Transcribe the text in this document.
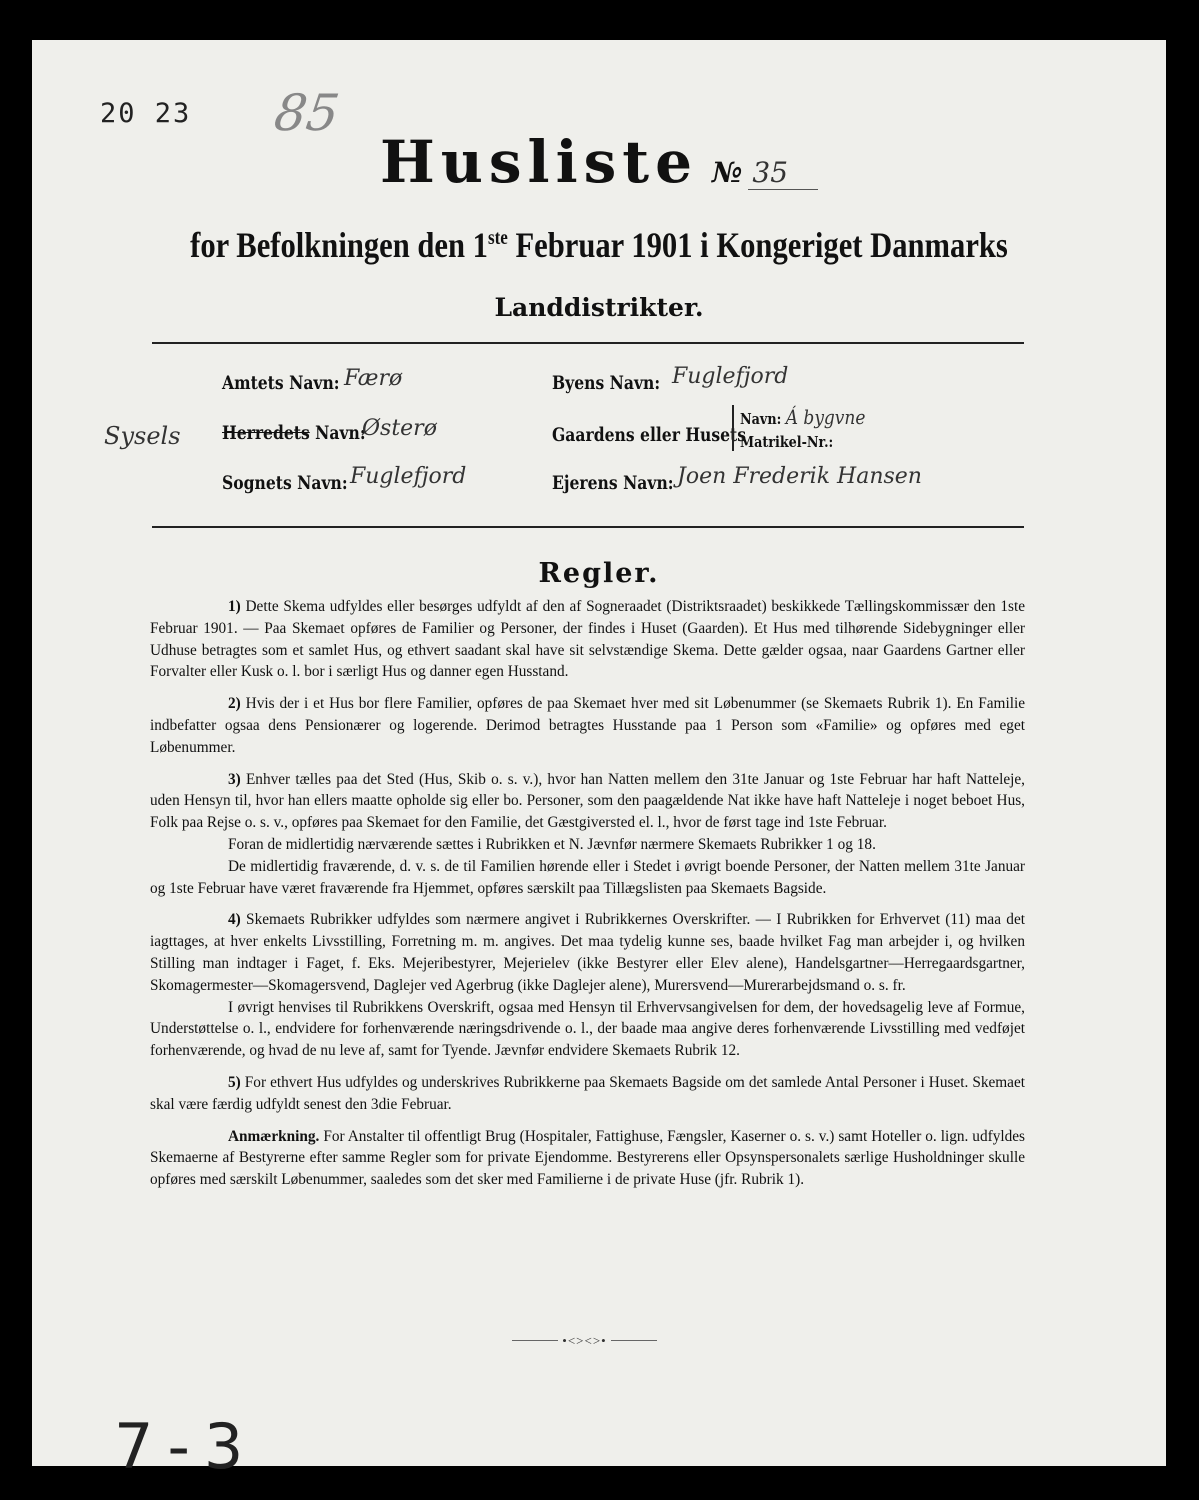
20 23 85
Husliste № 35
for Befolkningen den 1ste Februar 1901 i Kongeriget Danmarks
Landdistrikter.
Amtets Navn: Færø
Sysels Herredets Navn:
Østerø
Sognets Navn: Fuglefjord
Byens Navn: Fuglefjord
Gaardens eller Husets
Navn: Á bygvne
Matrikel-Nr.:
Ejerens Navn: Joen Frederik Hansen
Regler.

1) Dette Skema udfyldes eller besørges udfyldt af den af Sogneraadet (Distriktsraadet) beskikkede Tællingskommissær den 1ste Februar 1901. — Paa Skemaet opføres de Familier og Personer, der findes i Huset (Gaarden). Et Hus med tilhørende Sidebygninger eller Udhuse betragtes som et samlet Hus, og ethvert saadant skal have sit selvstændige Skema. Dette gælder ogsaa, naar Gaardens Gartner eller Forvalter eller Kusk o. l. bor i særligt Hus og danner egen Husstand.

2) Hvis der i et Hus bor flere Familier, opføres de paa Skemaet hver med sit Løbenummer (se Skemaets Rubrik 1). En Familie indbefatter ogsaa dens Pensionærer og logerende. Derimod betragtes Husstande paa 1 Person som «Familie» og opføres med eget Løbenummer.

3) Enhver tælles paa det Sted (Hus, Skib o. s. v.), hvor han Natten mellem den 31te Januar og 1ste Februar har haft Natteleje, uden Hensyn til, hvor han ellers maatte opholde sig eller bo. Personer, som den paagældende Nat ikke have haft Natteleje i noget beboet Hus, Folk paa Rejse o. s. v., opføres paa Skemaet for den Familie, det Gæstgiversted el. l., hvor de først tage ind 1ste Februar.

Foran de midlertidig nærværende sættes i Rubrikken et N. Jævnfør nærmere Skemaets Rubrikker 1 og 18.

De midlertidig fraværende, d. v. s. de til Familien hørende eller i Stedet i øvrigt boende Personer, der Natten mellem 31te Januar og 1ste Februar have været fraværende fra Hjemmet, opføres særskilt paa Tillægslisten paa Skemaets Bagside.

4) Skemaets Rubrikker udfyldes som nærmere angivet i Rubrikkernes Overskrifter. — I Rubrikken for Erhvervet (11) maa det iagttages, at hver enkelts Livsstilling, Forretning m. m. angives. Det maa tydelig kunne ses, baade hvilket Fag man arbejder i, og hvilken Stilling man indtager i Faget, f. Eks. Mejeribestyrer, Mejerielev (ikke Bestyrer eller Elev alene), Handelsgartner—Herregaardsgartner, Skomagermester—Skomagersvend, Daglejer ved Agerbrug (ikke Daglejer alene), Murersvend—Murerarbejdsmand o. s. fr.

I øvrigt henvises til Rubrikkens Overskrift, ogsaa med Hensyn til Erhvervsangivelsen for dem, der hovedsagelig leve af Formue, Understøttelse o. l., endvidere for forhenværende næringsdrivende o. l., der baade maa angive deres forhenværende Livsstilling med vedføjet forhenværende, og hvad de nu leve af, samt for Tyende. Jævnfør endvidere Skemaets Rubrik 12.

5) For ethvert Hus udfyldes og underskrives Rubrikkerne paa Skemaets Bagside om det samlede Antal Personer i Huset. Skemaet skal være færdig udfyldt senest den 3die Februar.

Anmærkning. For Anstalter til offentligt Brug (Hospitaler, Fattighuse, Fængsler, Kaserner o. s. v.) samt Hoteller o. lign. udfyldes Skemaerne af Bestyrerne efter samme Regler som for private Ejendomme. Bestyrerens eller Opsynspersonalets særlige Husholdninger skulle opføres med særskilt Løbenummer, saaledes som det sker med Familierne i de private Huse (jfr. Rubrik 1).

•<><>•
7-3
